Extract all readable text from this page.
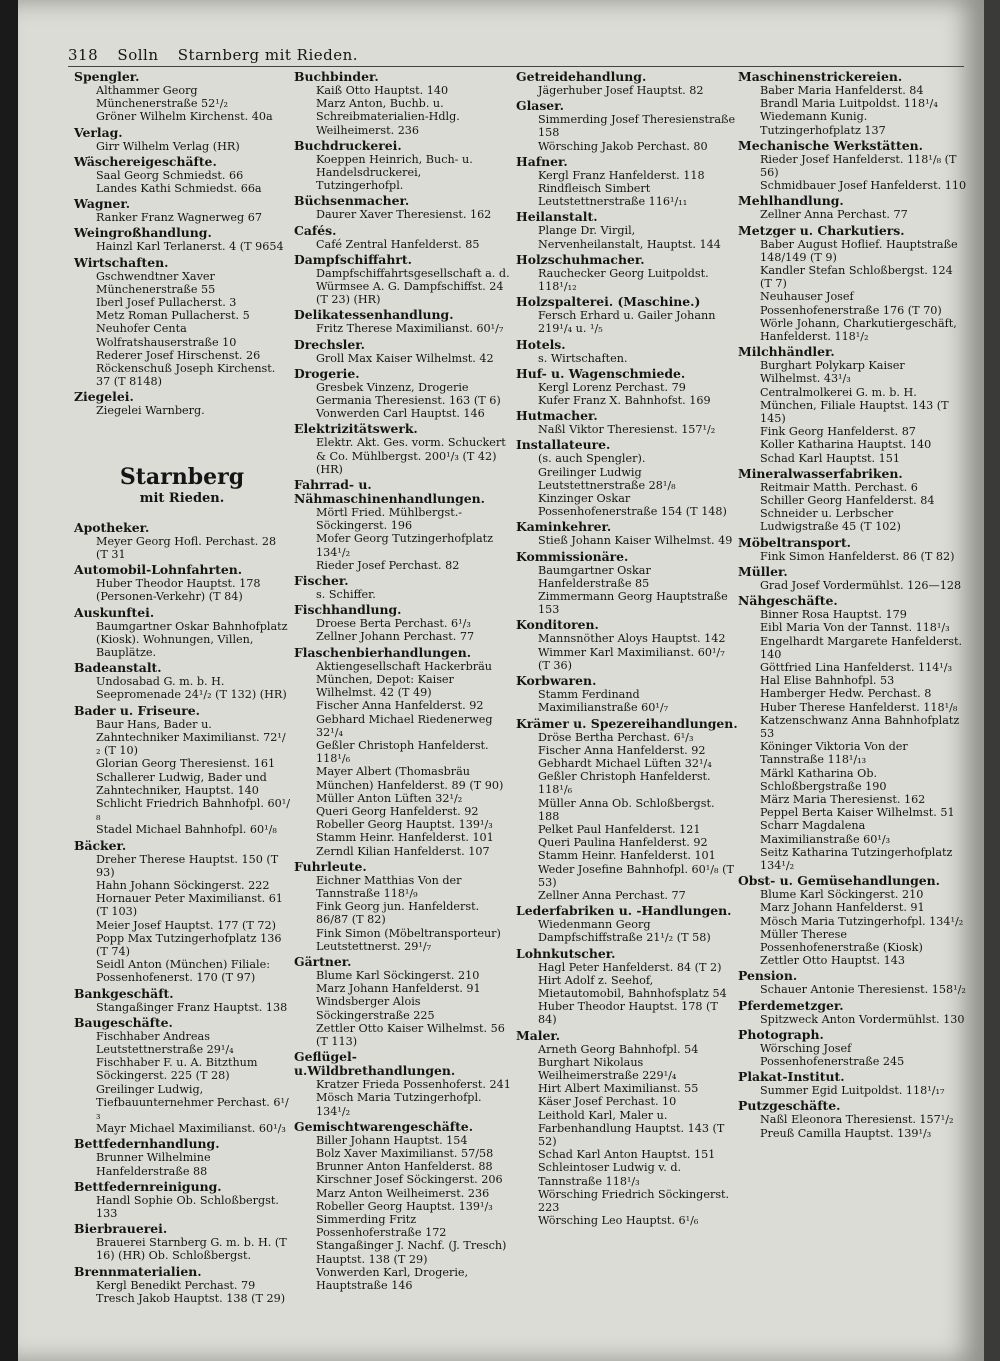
318 Solln Starnberg mit Rieden.
Spengler.
Althammer Georg Münchenerstraße 52¹/₂
Gröner Wilhelm Kirchenst. 40a
Verlag.
Girr Wilhelm Verlag (HR)
Wäschereigeschäfte.
Saal Georg Schmiedst. 66
Landes Kathi Schmiedst. 66a
Wagner.
Ranker Franz Wagnerweg 67
Weingroßhandlung.
Hainzl Karl Terlanerst. 4 (T 9654
Wirtschaften.
Gschwendtner Xaver Münchenerstraße 55
Iberl Josef Pullacherst. 3
Metz Roman Pullacherst. 5
Neuhofer Centa Wolfratshauserstraße 10
Rederer Josef Hirschenst. 26
Röckenschuß Joseph Kirchenst. 37 (T 8148)
Ziegelei.
Ziegelei Warnberg.
Starnberg
mit Rieden.
Apotheker.
Meyer Georg Hofl. Perchast. 28 (T 31
Automobil-Lohnfahrten.
Huber Theodor Hauptst. 178 (Personen-Verkehr) (T 84)
Auskunftei.
Baumgartner Oskar Bahnhofplatz (Kiosk). Wohnungen, Villen, Bauplätze.
Badeanstalt.
Undosabad G. m. b. H. Seepromenade 24¹/₂ (T 132) (HR)
Bader u. Friseure.
Baur Hans, Bader u. Zahntechniker Maximilianst. 72¹/₂ (T 10)
Glorian Georg Theresienst. 161
Schallerer Ludwig, Bader und Zahntechniker, Hauptst. 140
Schlicht Friedrich Bahnhofpl. 60¹/₈
Stadel Michael Bahnhofpl. 60¹/₈
Bäcker.
Dreher Therese Hauptst. 150 (T 93)
Hahn Johann Söckingerst. 222
Hornauer Peter Maximilianst. 61 (T 103)
Meier Josef Hauptst. 177 (T 72)
Popp Max Tutzingerhofplatz 136 (T 74)
Seidl Anton (München) Filiale: Possenhofenerst. 170 (T 97)
Bankgeschäft.
Stangaßinger Franz Hauptst. 138
Baugeschäfte.
Fischhaber Andreas Leutstettnerstraße 29¹/₄
Fischhaber F. u. A. Bitzthum Söckingerst. 225 (T 28)
Greilinger Ludwig, Tiefbauunternehmer Perchast. 6¹/₃
Mayr Michael Maximilianst. 60¹/₃
Bettfedernhandlung.
Brunner Wilhelmine Hanfelderstraße 88
Bettfedernreinigung.
Handl Sophie Ob. Schloßbergst. 133
Bierbrauerei.
Brauerei Starnberg G. m. b. H. (T 16) (HR) Ob. Schloßbergst.
Brennmaterialien.
Kergl Benedikt Perchast. 79
Tresch Jakob Hauptst. 138 (T 29)
Buchbinder.
Kaiß Otto Hauptst. 140
Marz Anton, Buchb. u. Schreibmaterialien-Hdlg. Weilheimerst. 236
Buchdruckerei.
Koeppen Heinrich, Buch- u. Handelsdruckerei, Tutzingerhofpl.
Büchsenmacher.
Daurer Xaver Theresienst. 162
Cafés.
Café Zentral Hanfelderst. 85
Dampfschiffahrt.
Dampfschiffahrtsgesellschaft a. d. Würmsee A. G. Dampfschiffst. 24 (T 23) (HR)
Delikatessenhandlung.
Fritz Therese Maximilianst. 60¹/₇
Drechsler.
Groll Max Kaiser Wilhelmst. 42
Drogerie.
Gresbek Vinzenz, Drogerie Germania Theresienst. 163 (T 6)
Vonwerden Carl Hauptst. 146
Elektrizitätswerk.
Elektr. Akt. Ges. vorm. Schuckert & Co. Mühlbergst. 200¹/₃ (T 42) (HR)
Fahrrad- u. Nähmaschinenhandlungen.
Mörtl Fried. Mühlbergst.-Söckingerst. 196
Mofer Georg Tutzingerhofplatz 134¹/₂
Rieder Josef Perchast. 82
Fischer.
s. Schiffer.
Fischhandlung.
Droese Berta Perchast. 6¹/₃
Zellner Johann Perchast. 77
Flaschenbierhandlungen.
Aktiengesellschaft Hackerbräu München, Depot: Kaiser Wilhelmst. 42 (T 49)
Fischer Anna Hanfelderst. 92
Gebhard Michael Riedenerweg 32¹/₄
Geßler Christoph Hanfelderst. 118¹/₆
Mayer Albert (Thomasbräu München) Hanfelderst. 89 (T 90)
Müller Anton Lüften 32¹/₂
Queri Georg Hanfelderst. 92
Robeller Georg Hauptst. 139¹/₃
Stamm Heinr. Hanfelderst. 101
Zerndl Kilian Hanfelderst. 107
Fuhrleute.
Eichner Matthias Von der Tannstraße 118¹/₉
Fink Georg jun. Hanfelderst. 86/87 (T 82)
Fink Simon (Möbeltransporteur) Leutstettnerst. 29¹/₇
Gärtner.
Blume Karl Söckingerst. 210
Marz Johann Hanfelderst. 91
Windsberger Alois Söckingerstraße 225
Zettler Otto Kaiser Wilhelmst. 56 (T 113)
Geflügel-u.Wildbrethandlungen.
Kratzer Frieda Possenhoferst. 241
Mösch Maria Tutzingerhofpl. 134¹/₂
Gemischtwarengeschäfte.
Biller Johann Hauptst. 154
Bolz Xaver Maximilianst. 57/58
Brunner Anton Hanfelderst. 88
Kirschner Josef Söckingerst. 206
Marz Anton Weilheimerst. 236
Robeller Georg Hauptst. 139¹/₃
Simmerding Fritz Possenhoferstraße 172
Stangaßinger J. Nachf. (J. Tresch) Hauptst. 138 (T 29)
Vonwerden Karl, Drogerie, Hauptstraße 146
Getreidehandlung.
Jägerhuber Josef Hauptst. 82
Glaser.
Simmerding Josef Theresienstraße 158
Wörsching Jakob Perchast. 80
Hafner.
Kergl Franz Hanfelderst. 118
Rindfleisch Simbert Leutstettnerstraße 116¹/₁₁
Heilanstalt.
Plange Dr. Virgil, Nervenheilanstalt, Hauptst. 144
Holzschuhmacher.
Rauchecker Georg Luitpoldst. 118¹/₁₂
Holzspalterei. (Maschine.)
Fersch Erhard u. Gailer Johann 219¹/₄ u. ¹/₅
Hotels.
s. Wirtschaften.
Huf- u. Wagenschmiede.
Kergl Lorenz Perchast. 79
Kufer Franz X. Bahnhofst. 169
Hutmacher.
Naßl Viktor Theresienst. 157¹/₂
Installateure.
(s. auch Spengler).
Greilinger Ludwig Leutstettnerstraße 28¹/₈
Kinzinger Oskar Possenhofenerstraße 154 (T 148)
Kaminkehrer.
Stieß Johann Kaiser Wilhelmst. 49
Kommissionäre.
Baumgartner Oskar Hanfelderstraße 85
Zimmermann Georg Hauptstraße 153
Konditoren.
Mannsnöther Aloys Hauptst. 142
Wimmer Karl Maximilianst. 60¹/₇ (T 36)
Korbwaren.
Stamm Ferdinand Maximilianstraße 60¹/₇
Krämer u. Spezereihandlungen.
Dröse Bertha Perchast. 6¹/₃
Fischer Anna Hanfelderst. 92
Gebhardt Michael Lüften 32¹/₄
Geßler Christoph Hanfelderst. 118¹/₆
Müller Anna Ob. Schloßbergst. 188
Pelket Paul Hanfelderst. 121
Queri Paulina Hanfelderst. 92
Stamm Heinr. Hanfelderst. 101
Weder Josefine Bahnhofpl. 60¹/₈ (T 53)
Zellner Anna Perchast. 77
Lederfabriken u. -Handlungen.
Wiedenmann Georg Dampfschiffstraße 21¹/₂ (T 58)
Lohnkutscher.
Hagl Peter Hanfelderst. 84 (T 2)
Hirt Adolf z. Seehof, Mietautomobil, Bahnhofsplatz 54
Huber Theodor Hauptst. 178 (T 84)
Maler.
Arneth Georg Bahnhofpl. 54
Burghart Nikolaus Weilheimerstraße 229¹/₄
Hirt Albert Maximilianst. 55
Käser Josef Perchast. 10
Leithold Karl, Maler u. Farbenhandlung Hauptst. 143 (T 52)
Schad Karl Anton Hauptst. 151
Schleintoser Ludwig v. d. Tannstraße 118¹/₃
Wörsching Friedrich Söckingerst. 223
Wörsching Leo Hauptst. 6¹/₆
Maschinenstrickereien.
Baber Maria Hanfelderst. 84
Brandl Maria Luitpoldst. 118¹/₄
Wiedemann Kunig. Tutzingerhofplatz 137
Mechanische Werkstätten.
Rieder Josef Hanfelderst. 118¹/₈ (T 56)
Schmidbauer Josef Hanfelderst. 110
Mehlhandlung.
Zellner Anna Perchast. 77
Metzger u. Charkutiers.
Baber August Hoflief. Hauptstraße 148/149 (T 9)
Kandler Stefan Schloßbergst. 124 (T 7)
Neuhauser Josef Possenhofenerstraße 176 (T 70)
Wörle Johann, Charkutiergeschäft, Hanfelderst. 118¹/₂
Milchhändler.
Burghart Polykarp Kaiser Wilhelmst. 43¹/₃
Centralmolkerei G. m. b. H. München, Filiale Hauptst. 143 (T 145)
Fink Georg Hanfelderst. 87
Koller Katharina Hauptst. 140
Schad Karl Hauptst. 151
Mineralwasserfabriken.
Reitmair Matth. Perchast. 6
Schiller Georg Hanfelderst. 84
Schneider u. Lerbscher Ludwigstraße 45 (T 102)
Möbeltransport.
Fink Simon Hanfelderst. 86 (T 82)
Müller.
Grad Josef Vordermühlst. 126—128
Nähgeschäfte.
Binner Rosa Hauptst. 179
Eibl Maria Von der Tannst. 118¹/₃
Engelhardt Margarete Hanfelderst. 140
Göttfried Lina Hanfelderst. 114¹/₃
Hal Elise Bahnhofpl. 53
Hamberger Hedw. Perchast. 8
Huber Therese Hanfelderst. 118¹/₈
Katzenschwanz Anna Bahnhofplatz 53
Köninger Viktoria Von der Tannstraße 118¹/₁₃
Märkl Katharina Ob. Schloßbergstraße 190
März Maria Theresienst. 162
Peppel Berta Kaiser Wilhelmst. 51
Scharr Magdalena Maximilianstraße 60¹/₃
Seitz Katharina Tutzingerhofplatz 134¹/₂
Obst- u. Gemüsehandlungen.
Blume Karl Söckingerst. 210
Marz Johann Hanfelderst. 91
Mösch Maria Tutzingerhofpl. 134¹/₂
Müller Therese Possenhofenerstraße (Kiosk)
Zettler Otto Hauptst. 143
Pension.
Schauer Antonie Theresienst. 158¹/₂
Pferdemetzger.
Spitzweck Anton Vordermühlst. 130
Photograph.
Wörsching Josef Possenhofenerstraße 245
Plakat-Institut.
Summer Egid Luitpoldst. 118¹/₁₇
Putzgeschäfte.
Naßl Eleonora Theresienst. 157¹/₂
Preuß Camilla Hauptst. 139¹/₃
